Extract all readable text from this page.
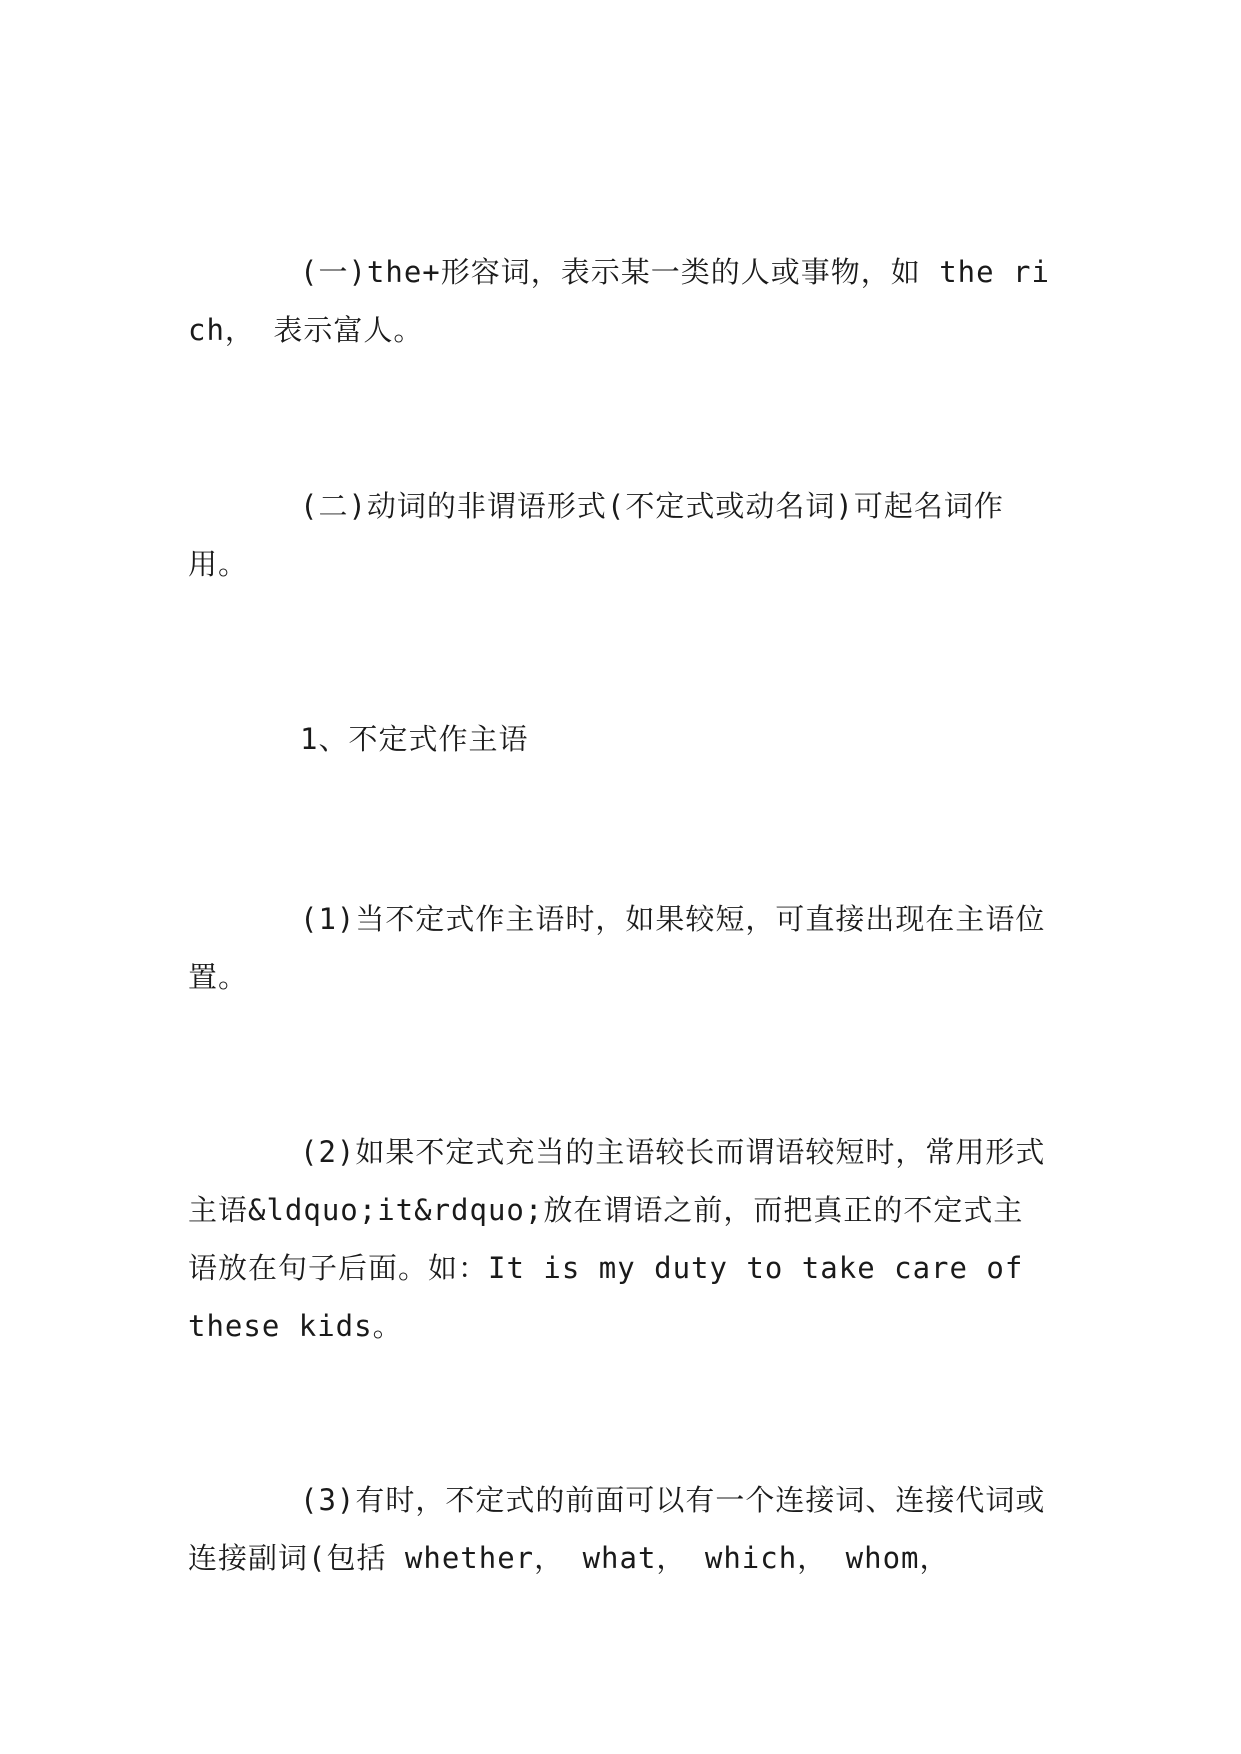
(一)the+形容词，表示某一类的人或事物，如 the rich， 表示富人。

(二)动词的非谓语形式(不定式或动名词)可起名词作用。

1、不定式作主语

(1)当不定式作主语时，如果较短，可直接出现在主语位置。

(2)如果不定式充当的主语较长而谓语较短时，常用形式主语&ldquo;it&rdquo;放在谓语之前，而把真正的不定式主语放在句子后面。如：It is my duty to take care of these kids。

(3)有时，不定式的前面可以有一个连接词、连接代词或连接副词(包括 whether， what， which， whom，
